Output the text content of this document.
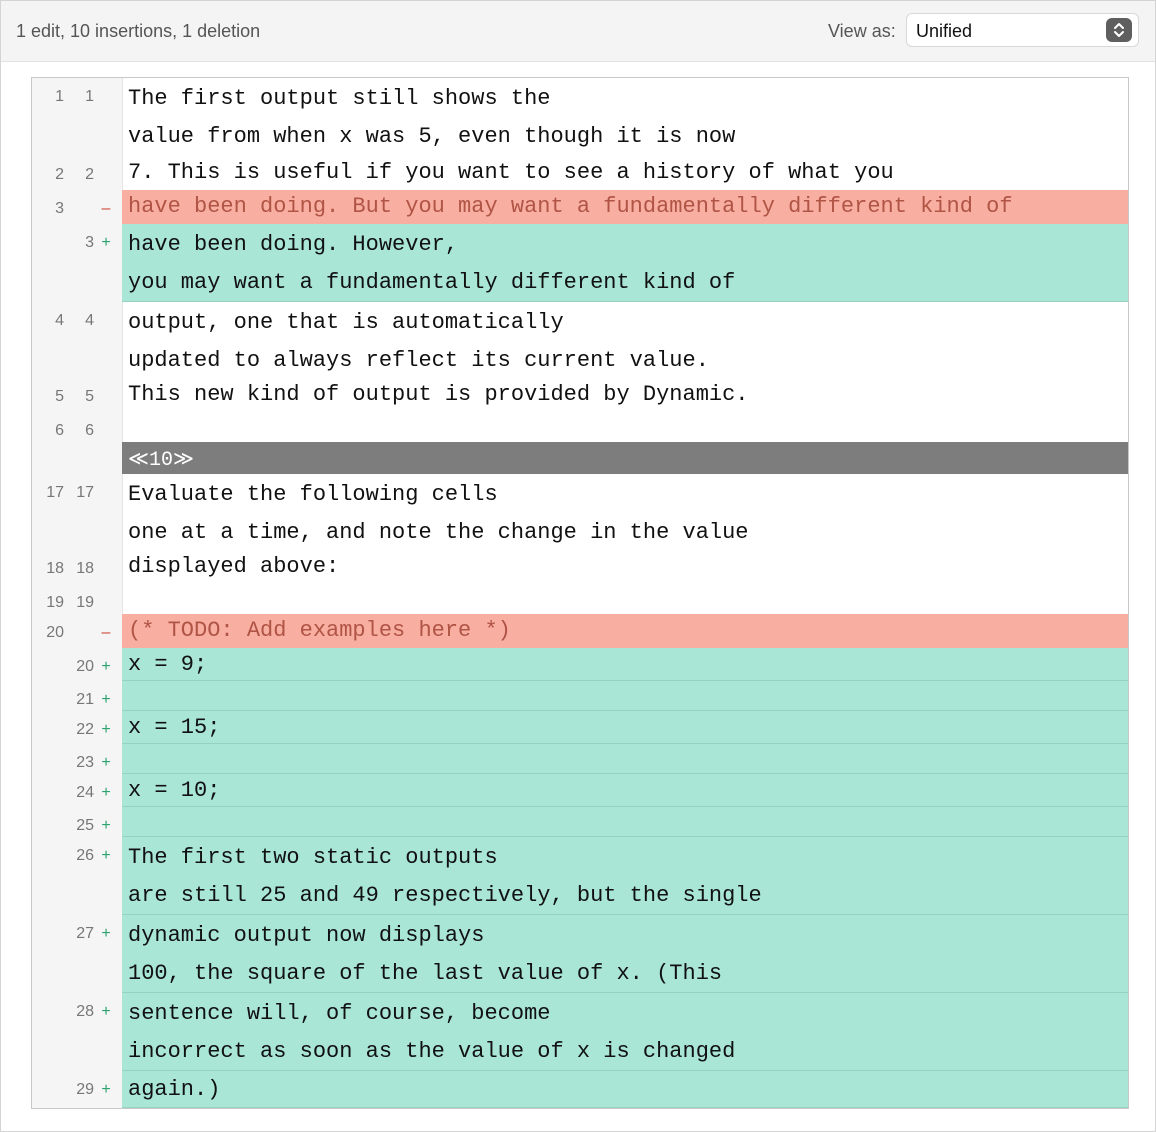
1 edit, 10 insertions, 1 deletion	View as: Unified
1	1 The first output still shows the
value from when x was 5, even though it is now
2	2 7. This is useful if you want to see a history of what you
3 – have been doing. But you may want a fundamentally different kind of
3 + have been doing. However,
you may want a fundamentally different kind of
4	4 output, one that is automatically
updated to always reflect its current value.
5	5 This new kind of output is provided by Dynamic.
6	6
≪10≫
17 17 Evaluate the following cells
one at a time, and note the change in the value
18 18 displayed above:
19 19
20 – (* TODO: Add examples here *)
20 + x = 9;
21 +
22 + x = 15;
23 +
24 + x = 10;
25 +
26 + The first two static outputs
are still 25 and 49 respectively, but the single
27 + dynamic output now displays
100, the square of the last value of x. (This
28 + sentence will, of course, become
incorrect as soon as the value of x is changed
29 + again.)
